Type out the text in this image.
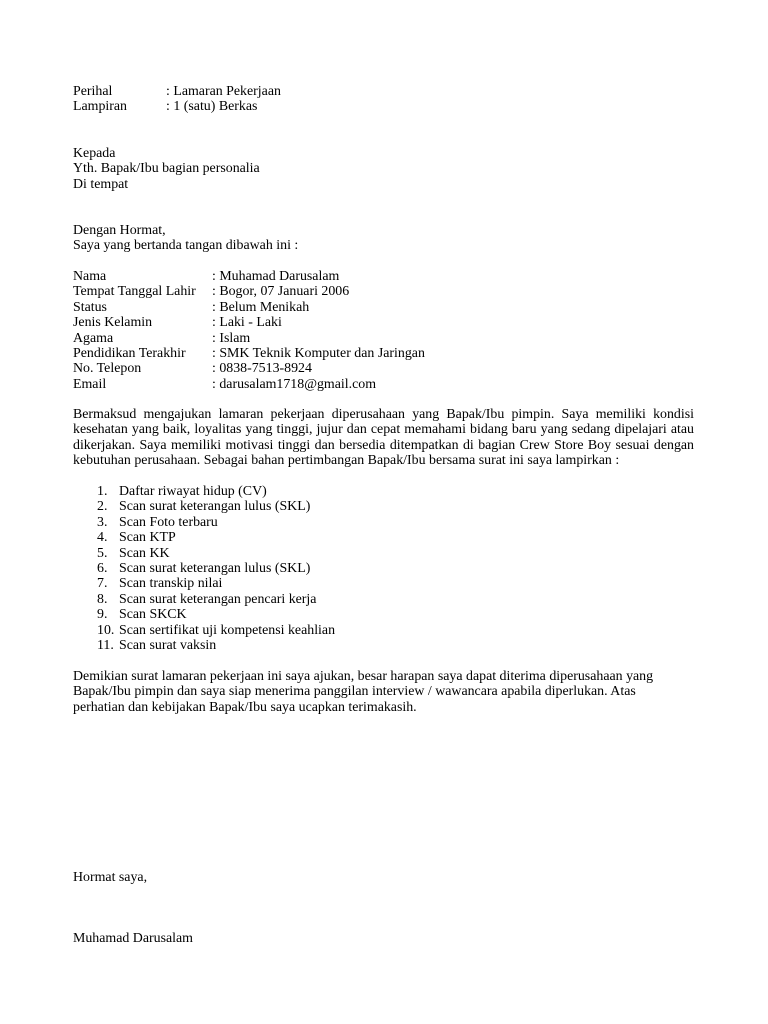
Perihal	: Lamaran Pekerjaan
Lampiran	: 1 (satu) Berkas
Kepada
Yth. Bapak/Ibu bagian personalia
Di tempat
Dengan Hormat,
Saya yang bertanda tangan dibawah ini :
Nama	: Muhamad Darusalam
Tempat Tanggal Lahir	: Bogor, 07 Januari 2006
Status	: Belum Menikah
Jenis Kelamin	: Laki - Laki
Agama	: Islam
Pendidikan Terakhir	: SMK Teknik Komputer dan Jaringan
No. Telepon	: 0838-7513-8924
Email	: darusalam1718@gmail.com
Bermaksud mengajukan lamaran pekerjaan diperusahaan yang Bapak/Ibu pimpin. Saya memiliki kondisi kesehatan yang baik, loyalitas yang tinggi, jujur dan cepat memahami bidang baru yang sedang dipelajari atau dikerjakan. Saya memiliki motivasi tinggi dan bersedia ditempatkan di bagian Crew Store Boy sesuai dengan kebutuhan perusahaan. Sebagai bahan pertimbangan Bapak/Ibu bersama surat ini saya lampirkan :
1. Daftar riwayat hidup (CV)
2. Scan surat keterangan lulus (SKL)
3. Scan Foto terbaru
4. Scan KTP
5. Scan KK
6. Scan surat keterangan lulus (SKL)
7. Scan transkip nilai
8. Scan surat keterangan pencari kerja
9. Scan SKCK
10. Scan sertifikat uji kompetensi keahlian
11. Scan surat vaksin
Demikian surat lamaran pekerjaan ini saya ajukan, besar harapan saya dapat diterima diperusahaan yang
Bapak/Ibu pimpin dan saya siap menerima panggilan interview / wawancara apabila diperlukan. Atas
perhatian dan kebijakan Bapak/Ibu saya ucapkan terimakasih.
Hormat saya,
Muhamad Darusalam
